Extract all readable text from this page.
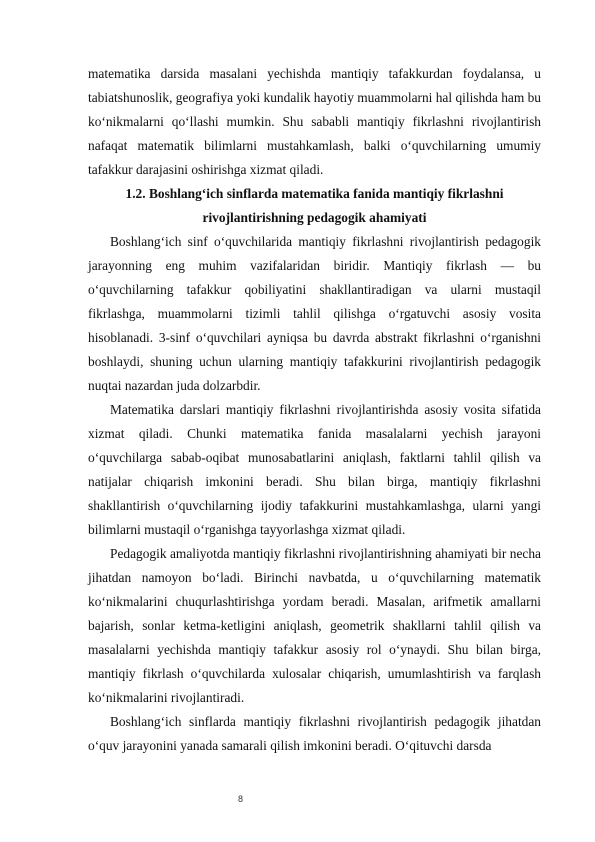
matematika darsida masalani yechishda mantiqiy tafakkurdan foydalansa, u tabiatshunoslik, geografiya yoki kundalik hayotiy muammolarni hal qilishda ham bu ko‘nikmalarni qo‘llashi mumkin. Shu sababli mantiqiy fikrlashni rivojlantirish nafaqat matematik bilimlarni mustahkamlash, balki o‘quvchilarning umumiy tafakkur darajasini oshirishga xizmat qiladi.

1.2. Boshlang‘ich sinflarda matematika fanida mantiqiy fikrlashni

rivojlantirishning pedagogik ahamiyati

Boshlang‘ich sinf o‘quvchilarida mantiqiy fikrlashni rivojlantirish pedagogik jarayonning eng muhim vazifalaridan biridir. Mantiqiy fikrlash — bu o‘quvchilarning tafakkur qobiliyatini shakllantiradigan va ularni mustaqil fikrlashga, muammolarni tizimli tahlil qilishga o‘rgatuvchi asosiy vosita hisoblanadi. 3-sinf o‘quvchilari ayniqsa bu davrda abstrakt fikrlashni o‘rganishni boshlaydi, shuning uchun ularning mantiqiy tafakkurini rivojlantirish pedagogik nuqtai nazardan juda dolzarbdir.

Matematika darslari mantiqiy fikrlashni rivojlantirishda asosiy vosita sifatida xizmat qiladi. Chunki matematika fanida masalalarni yechish jarayoni o‘quvchilarga sabab-oqibat munosabatlarini aniqlash, faktlarni tahlil qilish va natijalar chiqarish imkonini beradi. Shu bilan birga, mantiqiy fikrlashni shakllantirish o‘quvchilarning ijodiy tafakkurini mustahkamlashga, ularni yangi bilimlarni mustaqil o‘rganishga tayyorlashga xizmat qiladi.

Pedagogik amaliyotda mantiqiy fikrlashni rivojlantirishning ahamiyati bir necha jihatdan namoyon bo‘ladi. Birinchi navbatda, u o‘quvchilarning matematik ko‘nikmalarini chuqurlashtirishga yordam beradi. Masalan, arifmetik amallarni bajarish, sonlar ketma-ketligini aniqlash, geometrik shakllarni tahlil qilish va masalalarni yechishda mantiqiy tafakkur asosiy rol o‘ynaydi. Shu bilan birga, mantiqiy fikrlash o‘quvchilarda xulosalar chiqarish, umumlashtirish va farqlash ko‘nikmalarini rivojlantiradi.

Boshlang‘ich sinflarda mantiqiy fikrlashni rivojlantirish pedagogik jihatdan o‘quv jarayonini yanada samarali qilish imkonini beradi. O‘qituvchi darsda

8
